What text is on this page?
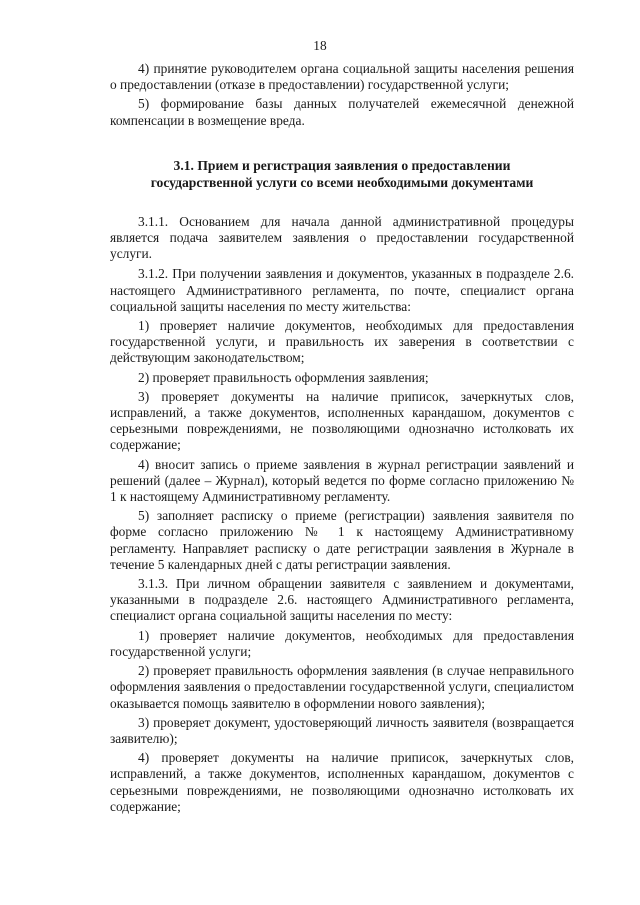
18

4) принятие руководителем органа социальной защиты населения решения о предоставлении (отказе в предоставлении) государственной услуги;

5) формирование базы данных получателей ежемесячной денежной компенсации в возмещение вреда.

3.1. Прием и регистрация заявления о предоставлении
государственной услуги со всеми необходимыми документами

3.1.1. Основанием для начала данной административной процедуры является подача заявителем заявления о предоставлении государственной услуги.

3.1.2. При получении заявления и документов, указанных в подразделе 2.6. настоящего Административного регламента, по почте, специалист органа социальной защиты населения по месту жительства:

1) проверяет наличие документов, необходимых для предоставления государственной услуги, и правильность их заверения в соответствии с действующим законодательством;

2) проверяет правильность оформления заявления;

3) проверяет документы на наличие приписок, зачеркнутых слов, исправлений, а также документов, исполненных карандашом, документов с серьезными повреждениями, не позволяющими однозначно истолковать их содержание;

4) вносит запись о приеме заявления в журнал регистрации заявлений и решений (далее – Журнал), который ведется по форме согласно приложению № 1 к настоящему Административному регламенту.

5) заполняет расписку о приеме (регистрации) заявления заявителя по форме согласно приложению № 1 к настоящему Административному регламенту. Направляет расписку о дате регистрации заявления в Журнале в течение 5 календарных дней с даты регистрации заявления.

3.1.3. При личном обращении заявителя с заявлением и документами, указанными в подразделе 2.6. настоящего Административного регламента, специалист органа социальной защиты населения по месту:

1) проверяет наличие документов, необходимых для предоставления государственной услуги;

2) проверяет правильность оформления заявления (в случае неправильного оформления заявления о предоставлении государственной услуги, специалистом оказывается помощь заявителю в оформлении нового заявления);

3) проверяет документ, удостоверяющий личность заявителя (возвращается заявителю);

4) проверяет документы на наличие приписок, зачеркнутых слов, исправлений, а также документов, исполненных карандашом, документов с серьезными повреждениями, не позволяющими однозначно истолковать их содержание;
